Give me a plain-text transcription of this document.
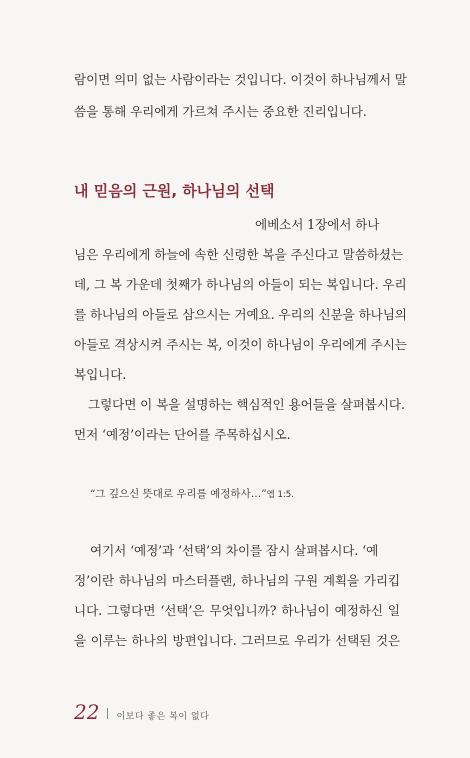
람이면 의미 없는 사람이라는 것입니다. 이것이 하나님께서 말
씀을 통해 우리에게 가르쳐 주시는 중요한 진리입니다.
내 믿음의 근원, 하나님의 선택
에베소서 1장에서 하나
님은 우리에게 하늘에 속한 신령한 복을 주신다고 말씀하셨는
데, 그 복 가운데 첫째가 하나님의 아들이 되는 복입니다. 우리
를 하나님의 아들로 삼으시는 거예요. 우리의 신분을 하나님의
아들로 격상시켜 주시는 복, 이것이 하나님이 우리에게 주시는
복입니다.
그렇다면 이 복을 설명하는 핵심적인 용어들을 살펴봅시다.
먼저 ‘예정’이라는 단어를 주목하십시오.
“그 깊으신 뜻대로 우리를 예정하사…”엡 1:5.
여기서 ‘예정’과 ‘선택’의 차이를 잠시 살펴봅시다. ‘예
정’이란 하나님의 마스터플랜, 하나님의 구원 계획을 가리킵
니다. 그렇다면 ‘선택’은 무엇입니까? 하나님이 예정하신 일
을 이루는 하나의 방편입니다. 그러므로 우리가 선택된 것은
22 이보다 좋은 복이 없다
